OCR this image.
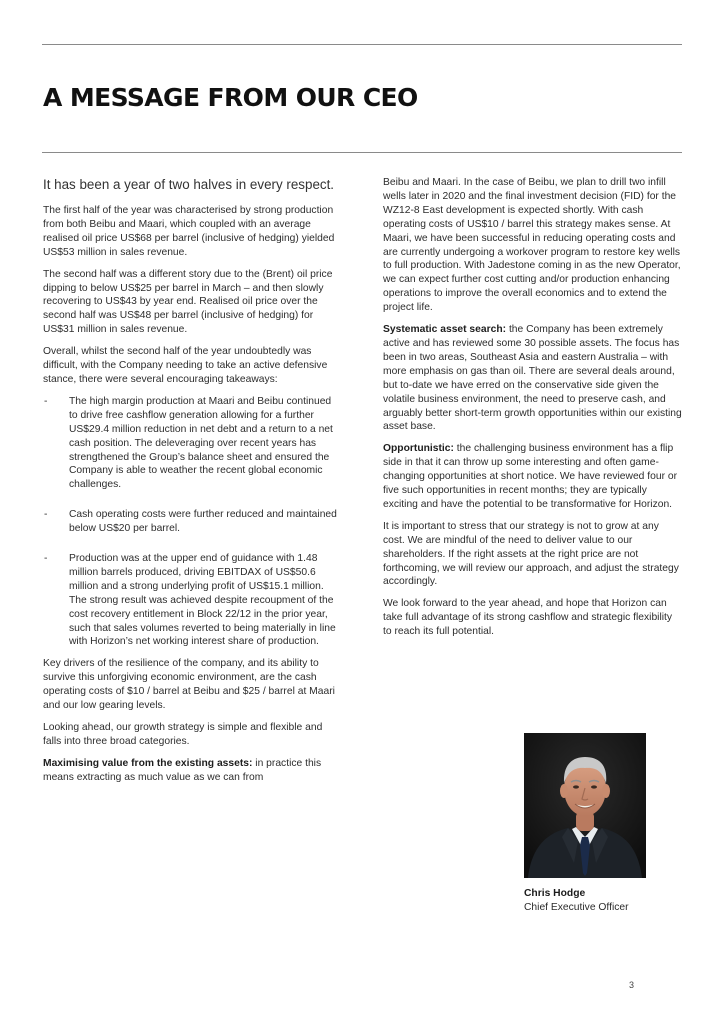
A MESSAGE FROM OUR CEO

It has been a year of two halves in every respect.

The first half of the year was characterised by strong production from both Beibu and Maari, which coupled with an average realised oil price US$68 per barrel (inclusive of hedging) yielded US$53 million in sales revenue.

The second half was a different story due to the (Brent) oil price dipping to below US$25 per barrel in March – and then slowly recovering to US$43 by year end. Realised oil price over the second half was US$48 per barrel (inclusive of hedging) for US$31 million in sales revenue.

Overall, whilst the second half of the year undoubtedly was difficult, with the Company needing to take an active defensive stance, there were several encouraging takeaways:

- The high margin production at Maari and Beibu continued to drive free cashflow generation allowing for a further US$29.4 million reduction in net debt and a return to a net cash position. The deleveraging over recent years has strengthened the Group’s balance sheet and ensured the Company is able to weather the recent global economic challenges.
- Cash operating costs were further reduced and maintained below US$20 per barrel.
- Production was at the upper end of guidance with 1.48 million barrels produced, driving EBITDAX of US$50.6 million and a strong underlying profit of US$15.1 million. The strong result was achieved despite recoupment of the cost recovery entitlement in Block 22/12 in the prior year, such that sales volumes reverted to being materially in line with Horizon’s net working interest share of production.

Key drivers of the resilience of the company, and its ability to survive this unforgiving economic environment, are the cash operating costs of $10 / barrel at Beibu and $25 / barrel at Maari and our low gearing levels.

Looking ahead, our growth strategy is simple and flexible and falls into three broad categories.

Maximising value from the existing assets: in practice this means extracting as much value as we can from

Beibu and Maari. In the case of Beibu, we plan to drill two infill wells later in 2020 and the final investment decision (FID) for the WZ12-8 East development is expected shortly. With cash operating costs of US$10 / barrel this strategy makes sense. At Maari, we have been successful in reducing operating costs and are currently undergoing a workover program to restore key wells to full production. With Jadestone coming in as the new Operator, we can expect further cost cutting and/or production enhancing operations to improve the overall economics and to extend the project life.

Systematic asset search: the Company has been extremely active and has reviewed some 30 possible assets. The focus has been in two areas, Southeast Asia and eastern Australia – with more emphasis on gas than oil. There are several deals around, but to-date we have erred on the conservative side given the volatile business environment, the need to preserve cash, and arguably better short-term growth opportunities within our existing asset base.

Opportunistic: the challenging business environment has a flip side in that it can throw up some interesting and often game-changing opportunities at short notice. We have reviewed four or five such opportunities in recent months; they are typically exciting and have the potential to be transformative for Horizon.

It is important to stress that our strategy is not to grow at any cost. We are mindful of the need to deliver value to our shareholders. If the right assets at the right price are not forthcoming, we will review our approach, and adjust the strategy accordingly.

We look forward to the year ahead, and hope that Horizon can take full advantage of its strong cashflow and strategic flexibility to reach its full potential.

Chris Hodge
Chief Executive Officer
3
